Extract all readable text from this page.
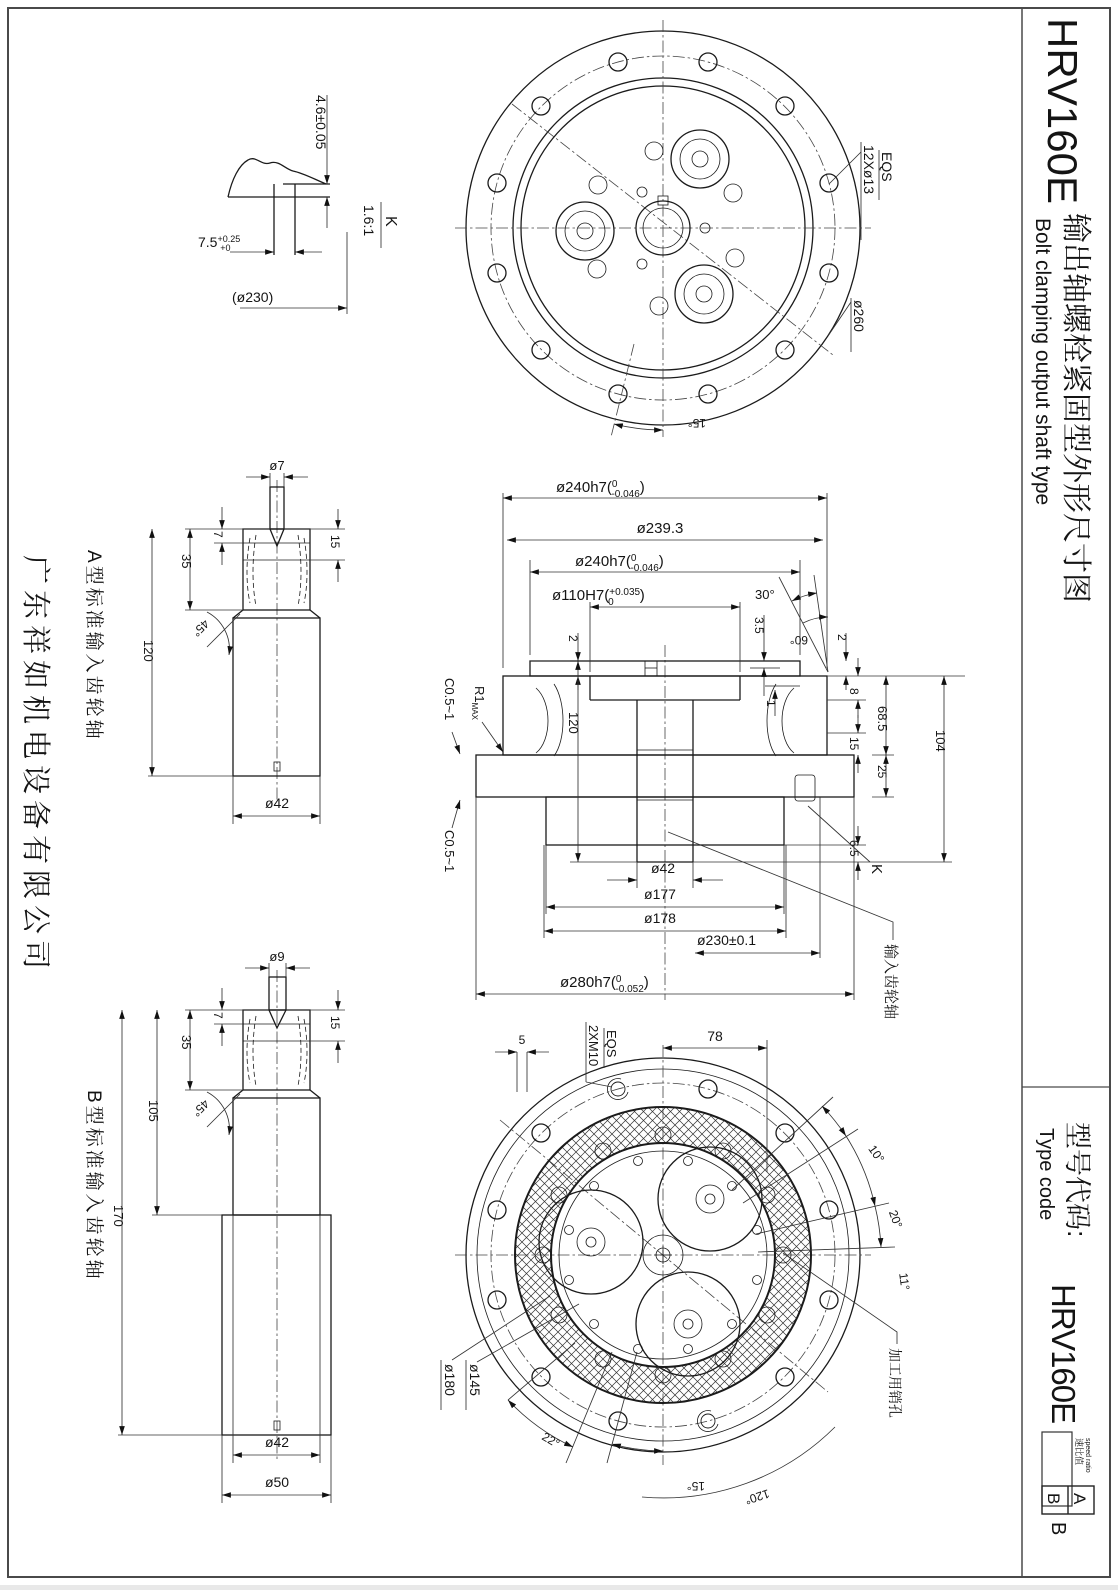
HRV160E
输出轴螺栓紧固型外形尺寸图
Bolt clamping output shaft type
型号代码:
Type code
HRV160E
速比值 speed ratio
B A
B
广东祥如机电设备有限公司
4.6±0.05
$7.5^{+0.25} +0$
(ø230)
K
1.6:1
12Xø13 EQS
ø260
15°
ø240h7($^0$ -0.046)
ø239.3
ø240h7($^0$ -0.046)
ø110H7($^{+0.035}$ 0 )	30°
60°
2
3.5
2
1
8
68.5
15
25
104
6.5
120
C0.5~1
C0.5~1
$R1_{MAX}$
ø42
ø177
ø178
ø230±0.1
ø280h7($^0$ -0.052)
K
输入齿轮轴
ø7
7
35
15
45°
120
ø42
A型标准输入齿轮轴
ø9
7
35
15
45°
105
170
ø42
ø50
B型标准输入齿轮轴
2XM10 EQS	78
5
10°
20°
11°
22°
15°
120°
ø180 ø145	加工用销孔
